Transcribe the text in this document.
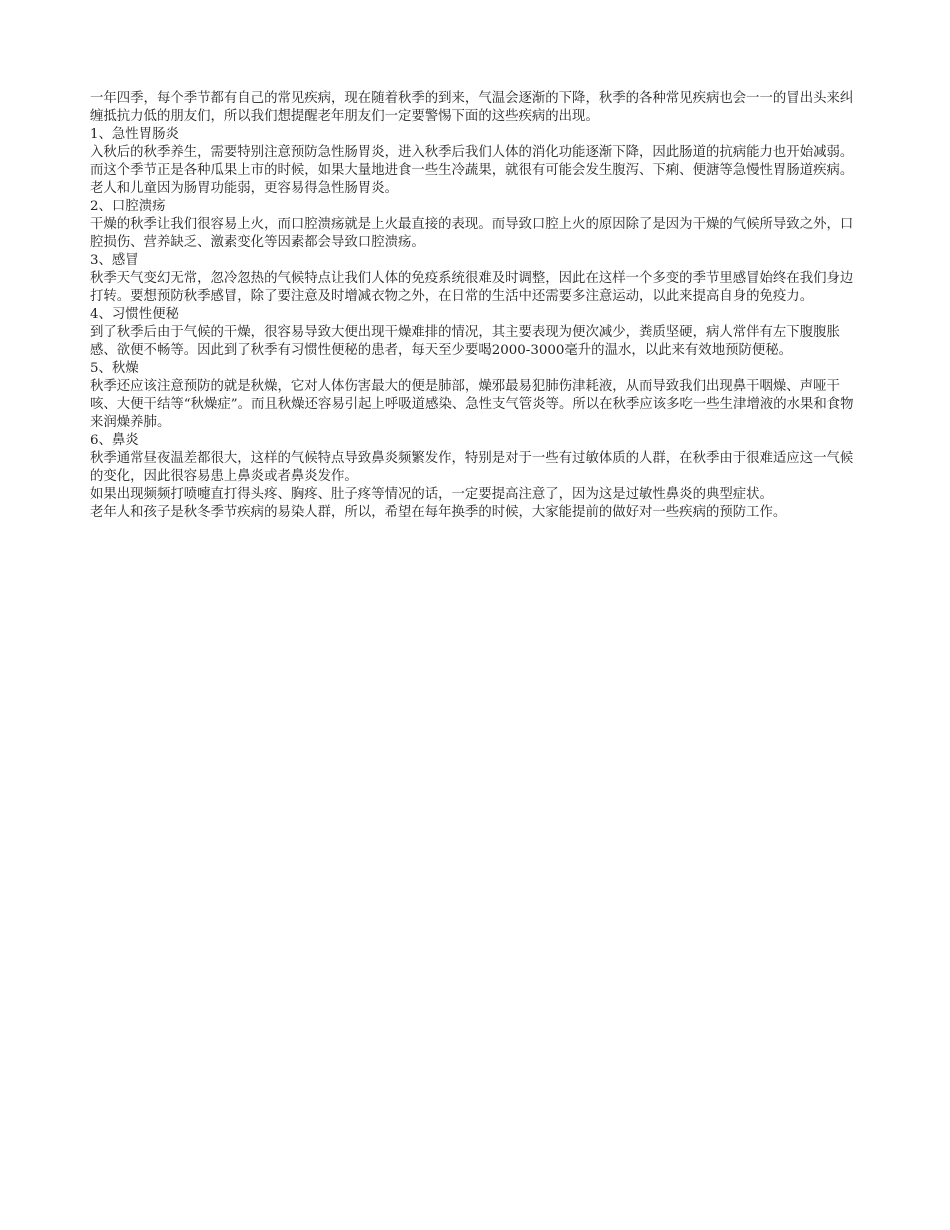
一年四季，每个季节都有自己的常见疾病，现在随着秋季的到来，气温会逐渐的下降，秋季的各种常见疾病也会一一的冒出头来纠缠抵抗力低的朋友们，所以我们想提醒老年朋友们一定要警惕下面的这些疾病的出现。

1、急性胃肠炎

入秋后的秋季养生，需要特别注意预防急性肠胃炎，进入秋季后我们人体的消化功能逐渐下降，因此肠道的抗病能力也开始减弱。而这个季节正是各种瓜果上市的时候，如果大量地进食一些生冷蔬果，就很有可能会发生腹泻、下痢、便溏等急慢性胃肠道疾病。老人和儿童因为肠胃功能弱，更容易得急性肠胃炎。

2、口腔溃疡

干燥的秋季让我们很容易上火，而口腔溃疡就是上火最直接的表现。而导致口腔上火的原因除了是因为干燥的气候所导致之外，口腔损伤、营养缺乏、激素变化等因素都会导致口腔溃疡。

3、感冒

秋季天气变幻无常，忽冷忽热的气候特点让我们人体的免疫系统很难及时调整，因此在这样一个多变的季节里感冒始终在我们身边打转。要想预防秋季感冒，除了要注意及时增减衣物之外，在日常的生活中还需要多注意运动，以此来提高自身的免疫力。

4、习惯性便秘

到了秋季后由于气候的干燥，很容易导致大便出现干燥难排的情况，其主要表现为便次减少，粪质坚硬，病人常伴有左下腹腹胀感、欲便不畅等。因此到了秋季有习惯性便秘的患者，每天至少要喝2000-3000毫升的温水，以此来有效地预防便秘。

5、秋燥

秋季还应该注意预防的就是秋燥，它对人体伤害最大的便是肺部，燥邪最易犯肺伤津耗液，从而导致我们出现鼻干咽燥、声哑干咳、大便干结等“秋燥症”。而且秋燥还容易引起上呼吸道感染、急性支气管炎等。所以在秋季应该多吃一些生津增液的水果和食物来润燥养肺。

6、鼻炎

秋季通常昼夜温差都很大，这样的气候特点导致鼻炎频繁发作，特别是对于一些有过敏体质的人群，在秋季由于很难适应这一气候的变化，因此很容易患上鼻炎或者鼻炎发作。

如果出现频频打喷嚏直打得头疼、胸疼、肚子疼等情况的话，一定要提高注意了，因为这是过敏性鼻炎的典型症状。

老年人和孩子是秋冬季节疾病的易染人群，所以，希望在每年换季的时候，大家能提前的做好对一些疾病的预防工作。
